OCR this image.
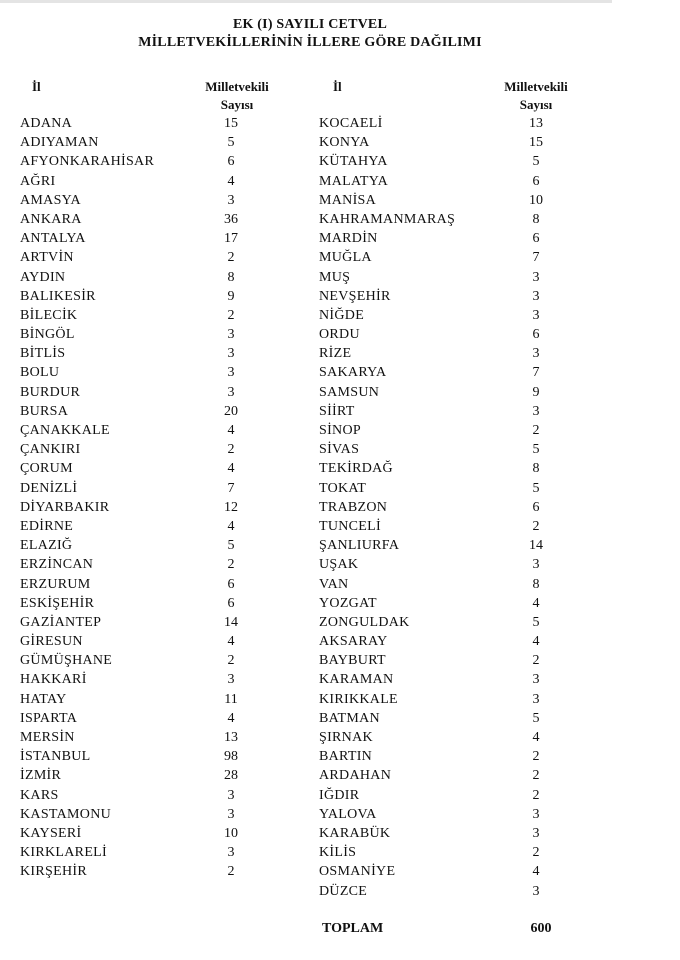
EK (I) SAYILI CETVEL
MİLLETVEKİLLERİNİN İLLERE GÖRE DAĞILIMI
İl	Milletvekili
Sayısı
İl	Milletvekili
Sayısı
ADANA	15
ADIYAMAN	5
AFYONKARAHİSAR	6
AĞRI	4
AMASYA	3
ANKARA	36
ANTALYA	17
ARTVİN	2
AYDIN	8
BALIKESİR	9
BİLECİK	2
BİNGÖL	3
BİTLİS	3
BOLU	3
BURDUR	3
BURSA	20
ÇANAKKALE	4
ÇANKIRI	2
ÇORUM	4
DENİZLİ	7
DİYARBAKIR	12
EDİRNE	4
ELAZIĞ	5
ERZİNCAN	2
ERZURUM	6
ESKİŞEHİR	6
GAZİANTEP	14
GİRESUN	4
GÜMÜŞHANE	2
HAKKARİ	3
HATAY	11
ISPARTA	4
MERSİN	13
İSTANBUL	98
İZMİR	28
KARS	3
KASTAMONU	3
KAYSERİ	10
KIRKLARELİ	3
KIRŞEHİR	2
KOCAELİ	13
KONYA	15
KÜTAHYA	5
MALATYA	6
MANİSA	10
KAHRAMANMARAŞ	8
MARDİN	6
MUĞLA	7
MUŞ	3
NEVŞEHİR	3
NİĞDE	3
ORDU	6
RİZE	3
SAKARYA	7
SAMSUN	9
SİİRT	3
SİNOP	2
SİVAS	5
TEKİRDAĞ	8
TOKAT	5
TRABZON	6
TUNCELİ	2
ŞANLIURFA	14
UŞAK	3
VAN	8
YOZGAT	4
ZONGULDAK	5
AKSARAY	4
BAYBURT	2
KARAMAN	3
KIRIKKALE	3
BATMAN	5
ŞIRNAK	4
BARTIN	2
ARDAHAN	2
IĞDIR	2
YALOVA	3
KARABÜK	3
KİLİS	2
OSMANİYE	4
DÜZCE	3
TOPLAM	600
